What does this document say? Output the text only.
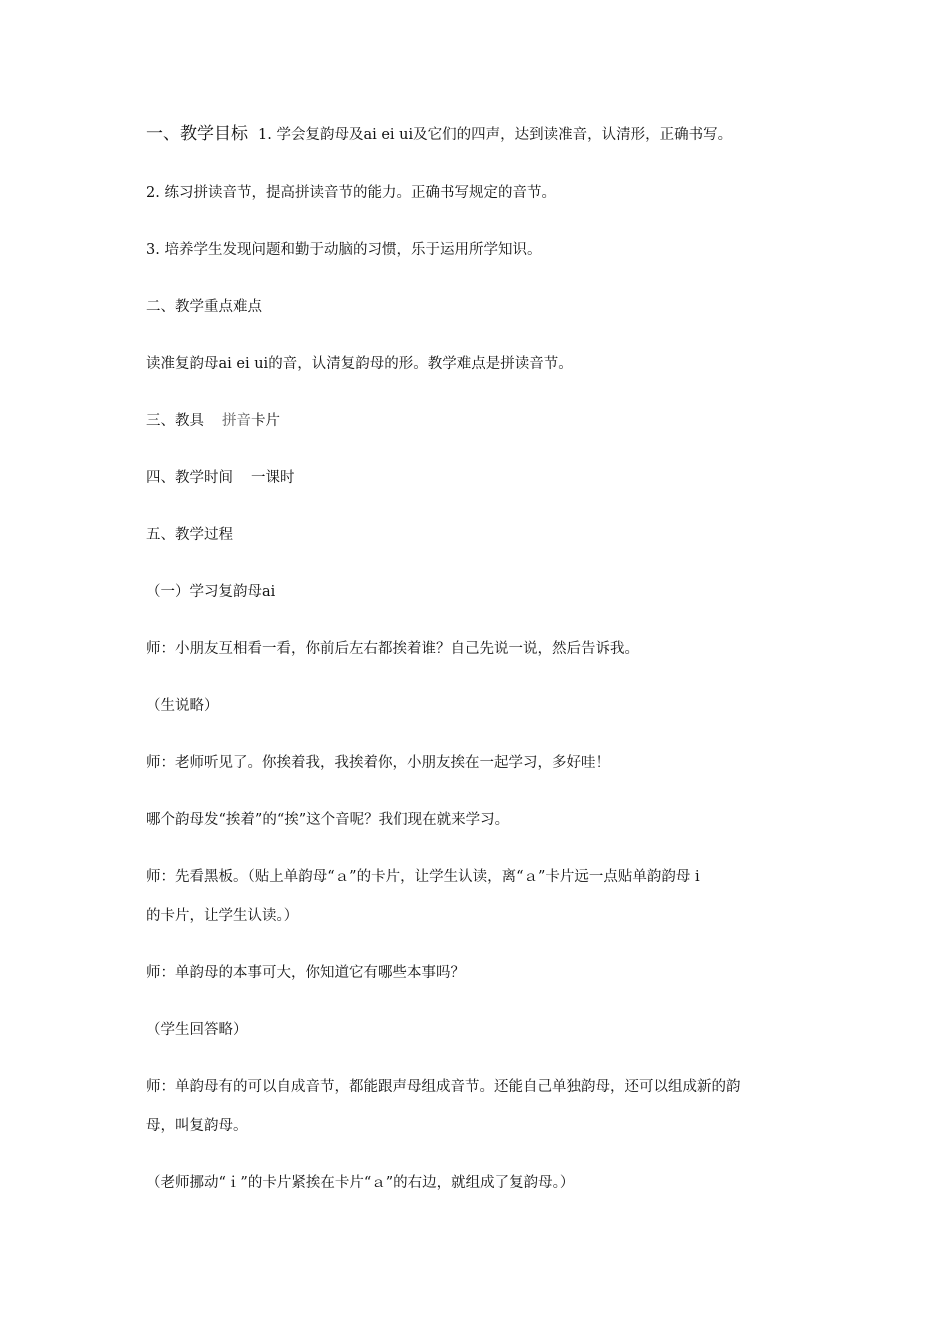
一、教学目标 1. 学会复韵母及ai ei ui及它们的四声，达到读准音，认清形，正确书写。
2. 练习拼读音节，提高拼读音节的能力。正确书写规定的音节。
3. 培养学生发现问题和勤于动脑的习惯，乐于运用所学知识。
二、教学重点难点
读准复韵母ai ei ui的音，认清复韵母的形。教学难点是拼读音节。
三、教具 拼音卡片
四、教学时间 一课时
五、教学过程
（一）学习复韵母ai
师：小朋友互相看一看，你前后左右都挨着谁？自己先说一说，然后告诉我。
（生说略）
师：老师听见了。你挨着我，我挨着你，小朋友挨在一起学习，多好哇！
哪个韵母发“挨着”的“挨”这个音呢？我们现在就来学习。
师：先看黑板。（贴上单韵母“ａ”的卡片，让学生认读，离“ａ”卡片远一点贴单韵韵母 i
的卡片，让学生认读。）
师：单韵母的本事可大，你知道它有哪些本事吗？
（学生回答略）
师：单韵母有的可以自成音节，都能跟声母组成音节。还能自己单独韵母，还可以组成新的韵
母，叫复韵母。
（老师挪动“ｉ”的卡片紧挨在卡片“ａ”的右边，就组成了复韵母。）
